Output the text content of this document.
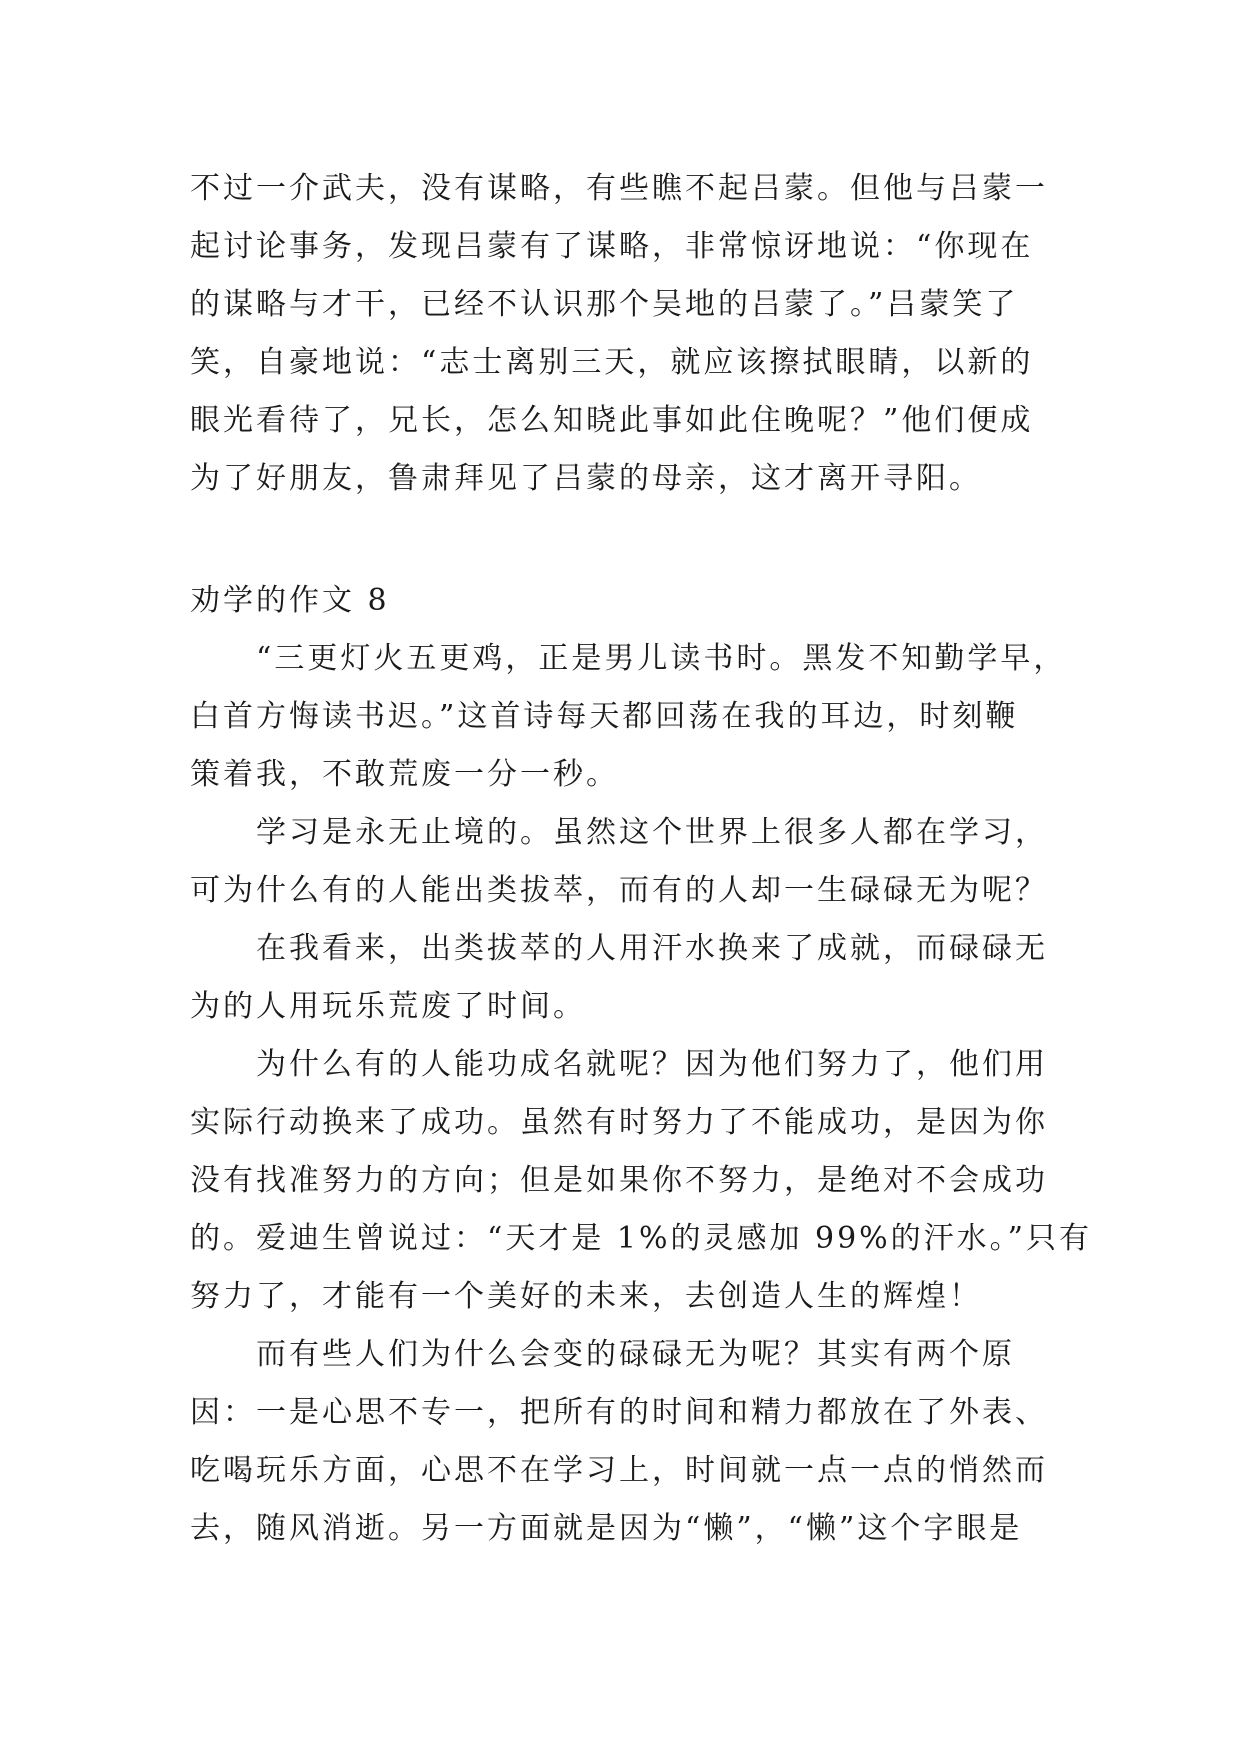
不过一介武夫，没有谋略，有些瞧不起吕蒙。但他与吕蒙一
起讨论事务，发现吕蒙有了谋略，非常惊讶地说：“你现在
的谋略与才干，已经不认识那个吴地的吕蒙了。”吕蒙笑了
笑，自豪地说：“志士离别三天，就应该擦拭眼睛，以新的
眼光看待了，兄长，怎么知晓此事如此住晚呢？”他们便成
为了好朋友，鲁肃拜见了吕蒙的母亲，这才离开寻阳。
劝学的作文 8
“三更灯火五更鸡，正是男儿读书时。黑发不知勤学早，
白首方悔读书迟。”这首诗每天都回荡在我的耳边，时刻鞭
策着我，不敢荒废一分一秒。
学习是永无止境的。虽然这个世界上很多人都在学习，
可为什么有的人能出类拔萃，而有的人却一生碌碌无为呢？
在我看来，出类拔萃的人用汗水换来了成就，而碌碌无
为的人用玩乐荒废了时间。
为什么有的人能功成名就呢？因为他们努力了，他们用
实际行动换来了成功。虽然有时努力了不能成功，是因为你
没有找准努力的方向；但是如果你不努力，是绝对不会成功
的。爱迪生曾说过：“天才是 1%的灵感加 99%的汗水。”只有
努力了，才能有一个美好的未来，去创造人生的辉煌！
而有些人们为什么会变的碌碌无为呢？其实有两个原
因：一是心思不专一，把所有的时间和精力都放在了外表、
吃喝玩乐方面，心思不在学习上，时间就一点一点的悄然而
去，随风消逝。另一方面就是因为“懒”，“懒”这个字眼是
